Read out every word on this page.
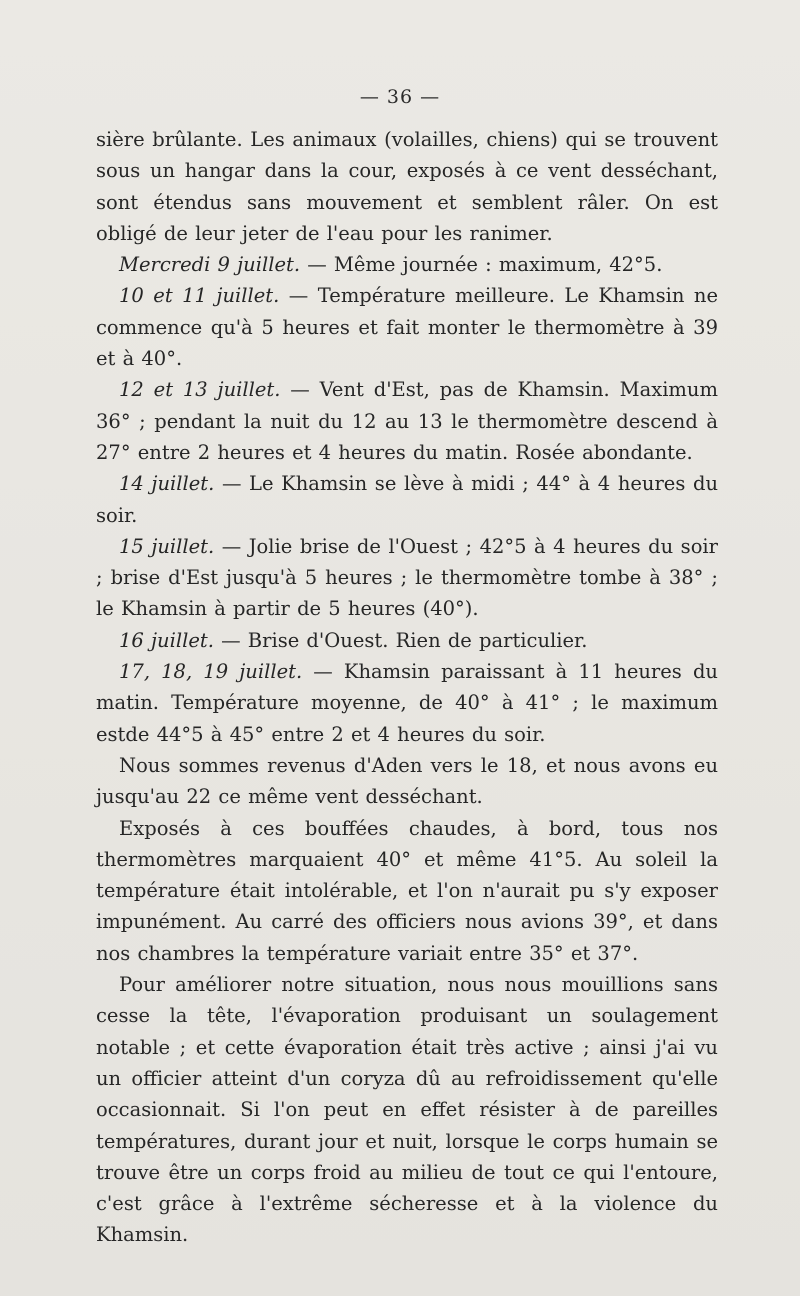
— 36 —

sière brûlante. Les animaux (volailles, chiens) qui se trouvent sous un hangar dans la cour, exposés à ce vent desséchant, sont étendus sans mouvement et semblent râler. On est obligé de leur jeter de l'eau pour les ranimer.

Mercredi 9 juillet. — Même journée : maximum, 42°5.

10 et 11 juillet. — Température meilleure. Le Khamsin ne commence qu'à 5 heures et fait monter le thermomètre à 39 et à 40°.

12 et 13 juillet. — Vent d'Est, pas de Khamsin. Maximum 36° ; pendant la nuit du 12 au 13 le thermomètre descend à 27° entre 2 heures et 4 heures du matin. Rosée abondante.

14 juillet. — Le Khamsin se lève à midi ; 44° à 4 heures du soir.

15 juillet. — Jolie brise de l'Ouest ; 42°5 à 4 heures du soir ; brise d'Est jusqu'à 5 heures ; le thermomètre tombe à 38° ; le Khamsin à partir de 5 heures (40°).

16 juillet. — Brise d'Ouest. Rien de particulier.

17, 18, 19 juillet. — Khamsin paraissant à 11 heures du matin. Température moyenne, de 40° à 41° ; le maximum estde 44°5 à 45° entre 2 et 4 heures du soir.

Nous sommes revenus d'Aden vers le 18, et nous avons eu jusqu'au 22 ce même vent desséchant.

Exposés à ces bouffées chaudes, à bord, tous nos thermomètres marquaient 40° et même 41°5. Au soleil la température était intolérable, et l'on n'aurait pu s'y exposer impunément. Au carré des officiers nous avions 39°, et dans nos chambres la température variait entre 35° et 37°.

Pour améliorer notre situation, nous nous mouillions sans cesse la tête, l'évaporation produisant un soulagement notable ; et cette évaporation était très active ; ainsi j'ai vu un officier atteint d'un coryza dû au refroidissement qu'elle occasionnait. Si l'on peut en effet résister à de pareilles températures, durant jour et nuit, lorsque le corps humain se trouve être un corps froid au milieu de tout ce qui l'entoure, c'est grâce à l'extrême sécheresse et à la violence du Khamsin.
